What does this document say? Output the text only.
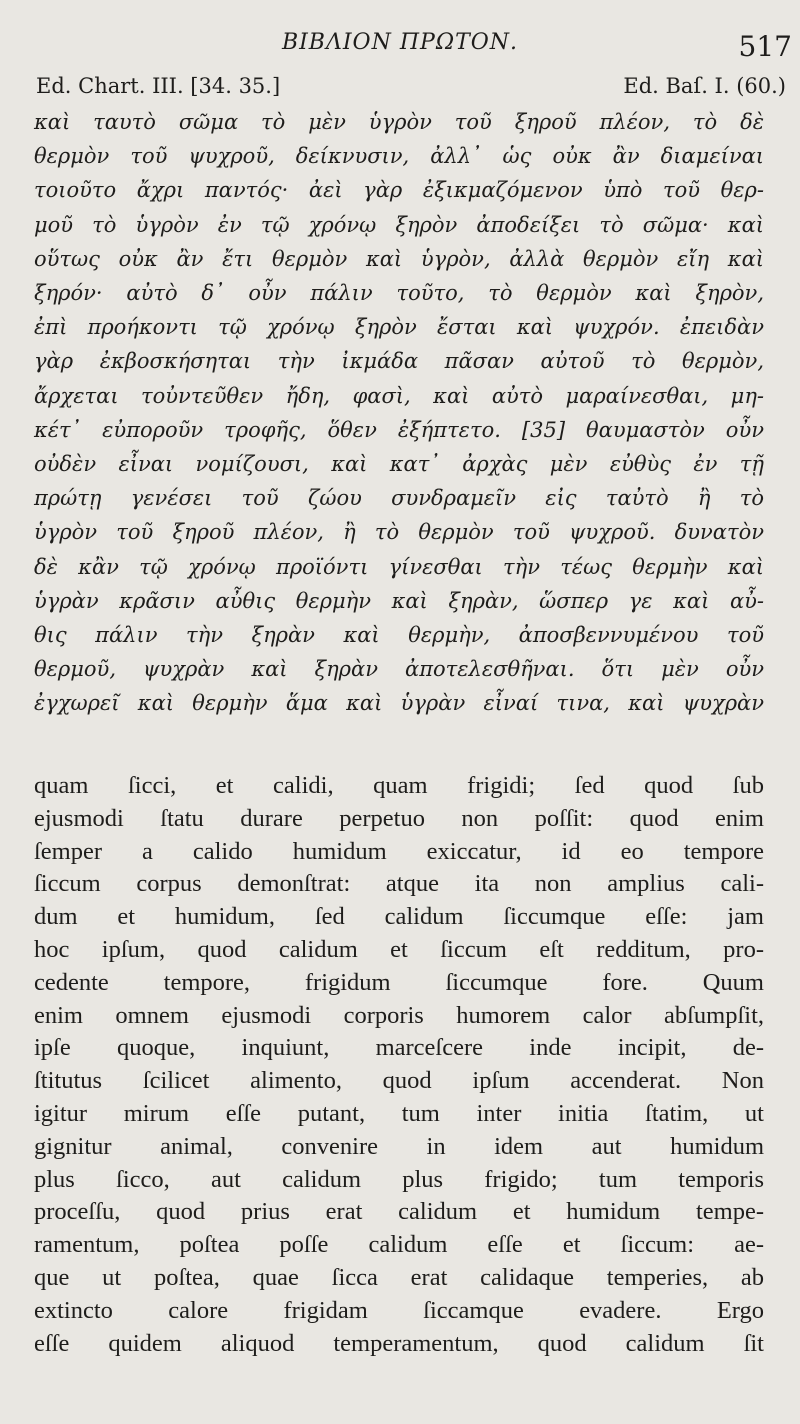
ΒΙΒΛΙΟΝ ΠΡΩΤΟΝ.	517
Ed. Chart. III. [34. 35.]	Ed. Baſ. I. (60.)
καὶ ταυτὸ σῶμα τὸ μὲν ὑγρὸν τοῦ ξηροῦ πλέον, τὸ δὲ
θερμὸν τοῦ ψυχροῦ, δείκνυσιν, ἀλλ᾽ ὡς οὐκ ἂν διαμείναι
τοιοῦτο ἄχρι παντός· ἀεὶ γὰρ ἐξικμαζόμενον ὑπὸ τοῦ θερ-
μοῦ τὸ ὑγρὸν ἐν τῷ χρόνῳ ξηρὸν ἀποδείξει τὸ σῶμα· καὶ
οὕτως οὐκ ἂν ἔτι θερμὸν καὶ ὑγρὸν, ἀλλὰ θερμὸν εἴη καὶ
ξηρόν· αὐτὸ δ᾽ οὖν πάλιν τοῦτο, τὸ θερμὸν καὶ ξηρὸν,
ἐπὶ προήκοντι τῷ χρόνῳ ξηρὸν ἔσται καὶ ψυχρόν. ἐπειδὰν
γὰρ ἐκβοσκήσηται τὴν ἰκμάδα πᾶσαν αὐτοῦ τὸ θερμὸν,
ἄρχεται τοὐντεῦθεν ἤδη, φασὶ, καὶ αὐτὸ μαραίνεσθαι, μη-
κέτ᾽ εὐποροῦν τροφῆς, ὅθεν ἐξήπτετο. [35] θαυμαστὸν οὖν
οὐδὲν εἶναι νομίζουσι, καὶ κατ᾽ ἀρχὰς μὲν εὐθὺς ἐν τῇ
πρώτῃ γενέσει τοῦ ζώου συνδραμεῖν εἰς ταὐτὸ ἢ τὸ
ὑγρὸν τοῦ ξηροῦ πλέον, ἢ τὸ θερμὸν τοῦ ψυχροῦ. δυνατὸν
δὲ κἂν τῷ χρόνῳ προϊόντι γίνεσθαι τὴν τέως θερμὴν καὶ
ὑγρὰν κρᾶσιν αὖθις θερμὴν καὶ ξηρὰν, ὥσπερ γε καὶ αὖ-
θις πάλιν τὴν ξηρὰν καὶ θερμὴν, ἀποσβεννυμένου τοῦ
θερμοῦ, ψυχρὰν καὶ ξηρὰν ἀποτελεσθῆναι. ὅτι μὲν οὖν
ἐγχωρεῖ καὶ θερμὴν ἅμα καὶ ὑγρὰν εἶναί τινα, καὶ ψυχρὰν
quam ſicci, et calidi, quam frigidi; ſed quod ſub
ejusmodi ſtatu durare perpetuo non poſſit: quod enim
ſemper a calido humidum exiccatur, id eo tempore
ſiccum corpus demonſtrat: atque ita non amplius cali-
dum et humidum, ſed calidum ſiccumque eſſe: jam
hoc ipſum, quod calidum et ſiccum eſt redditum, pro-
cedente tempore, frigidum ſiccumque fore. Quum
enim omnem ejusmodi corporis humorem calor abſumpſit,
ipſe quoque, inquiunt, marceſcere inde incipit, de-
ſtitutus ſcilicet alimento, quod ipſum accenderat. Non
igitur mirum eſſe putant, tum inter initia ſtatim, ut
gignitur animal, convenire in idem aut humidum
plus ſicco, aut calidum plus frigido; tum temporis
proceſſu, quod prius erat calidum et humidum tempe-
ramentum, poſtea poſſe calidum eſſe et ſiccum: ae-
que ut poſtea, quae ſicca erat calidaque temperies, ab
extincto calore frigidam ſiccamque evadere. Ergo
eſſe quidem aliquod temperamentum, quod calidum ſit
